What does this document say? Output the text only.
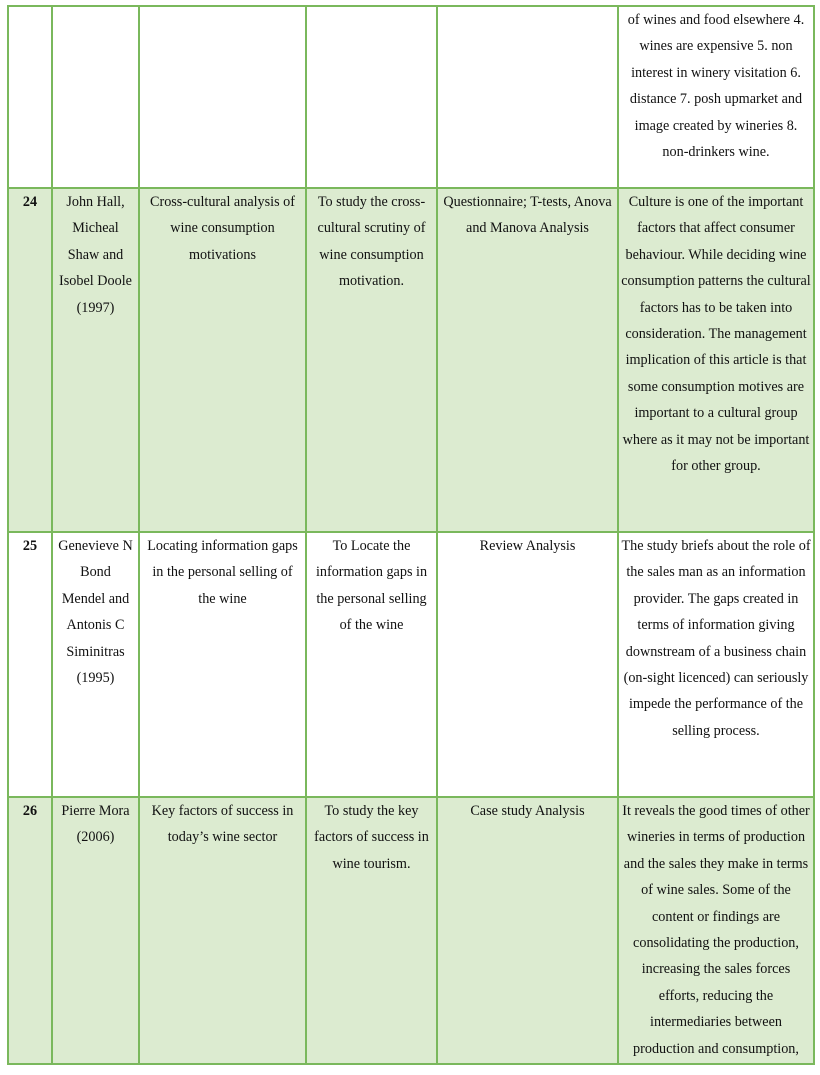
					of wines and food elsewhere 4. wines are expensive 5. non interest in winery visitation 6. distance 7. posh upmarket and image created by wineries 8. non-drinkers wine.

24	John Hall, Micheal Shaw and Isobel Doole (1997)	Cross-cultural analysis of wine consumption motivations	To study the cross-cultural scrutiny of wine consumption motivation.	Questionnaire; T-tests, Anova and Manova Analysis	Culture is one of the important factors that affect consumer behaviour. While deciding wine consumption patterns the cultural factors has to be taken into consideration. The management implication of this article is that some consumption motives are important to a cultural group where as it may not be important for other group.

25	Genevieve N Bond Mendel and Antonis C Siminitras (1995)	Locating information gaps in the personal selling of the wine	To Locate the information gaps in the personal selling of the wine	Review Analysis	The study briefs about the role of the sales man as an information provider. The gaps created in terms of information giving downstream of a business chain (on-sight licenced) can seriously impede the performance of the selling process.

26	Pierre Mora (2006)	Key factors of success in today’s wine sector	To study the key factors of success in wine tourism.	Case study Analysis	It reveals the good times of other wineries in terms of production and the sales they make in terms of wine sales. Some of the content or findings are consolidating the production, increasing the sales forces efforts, reducing the intermediaries between production and consumption,
